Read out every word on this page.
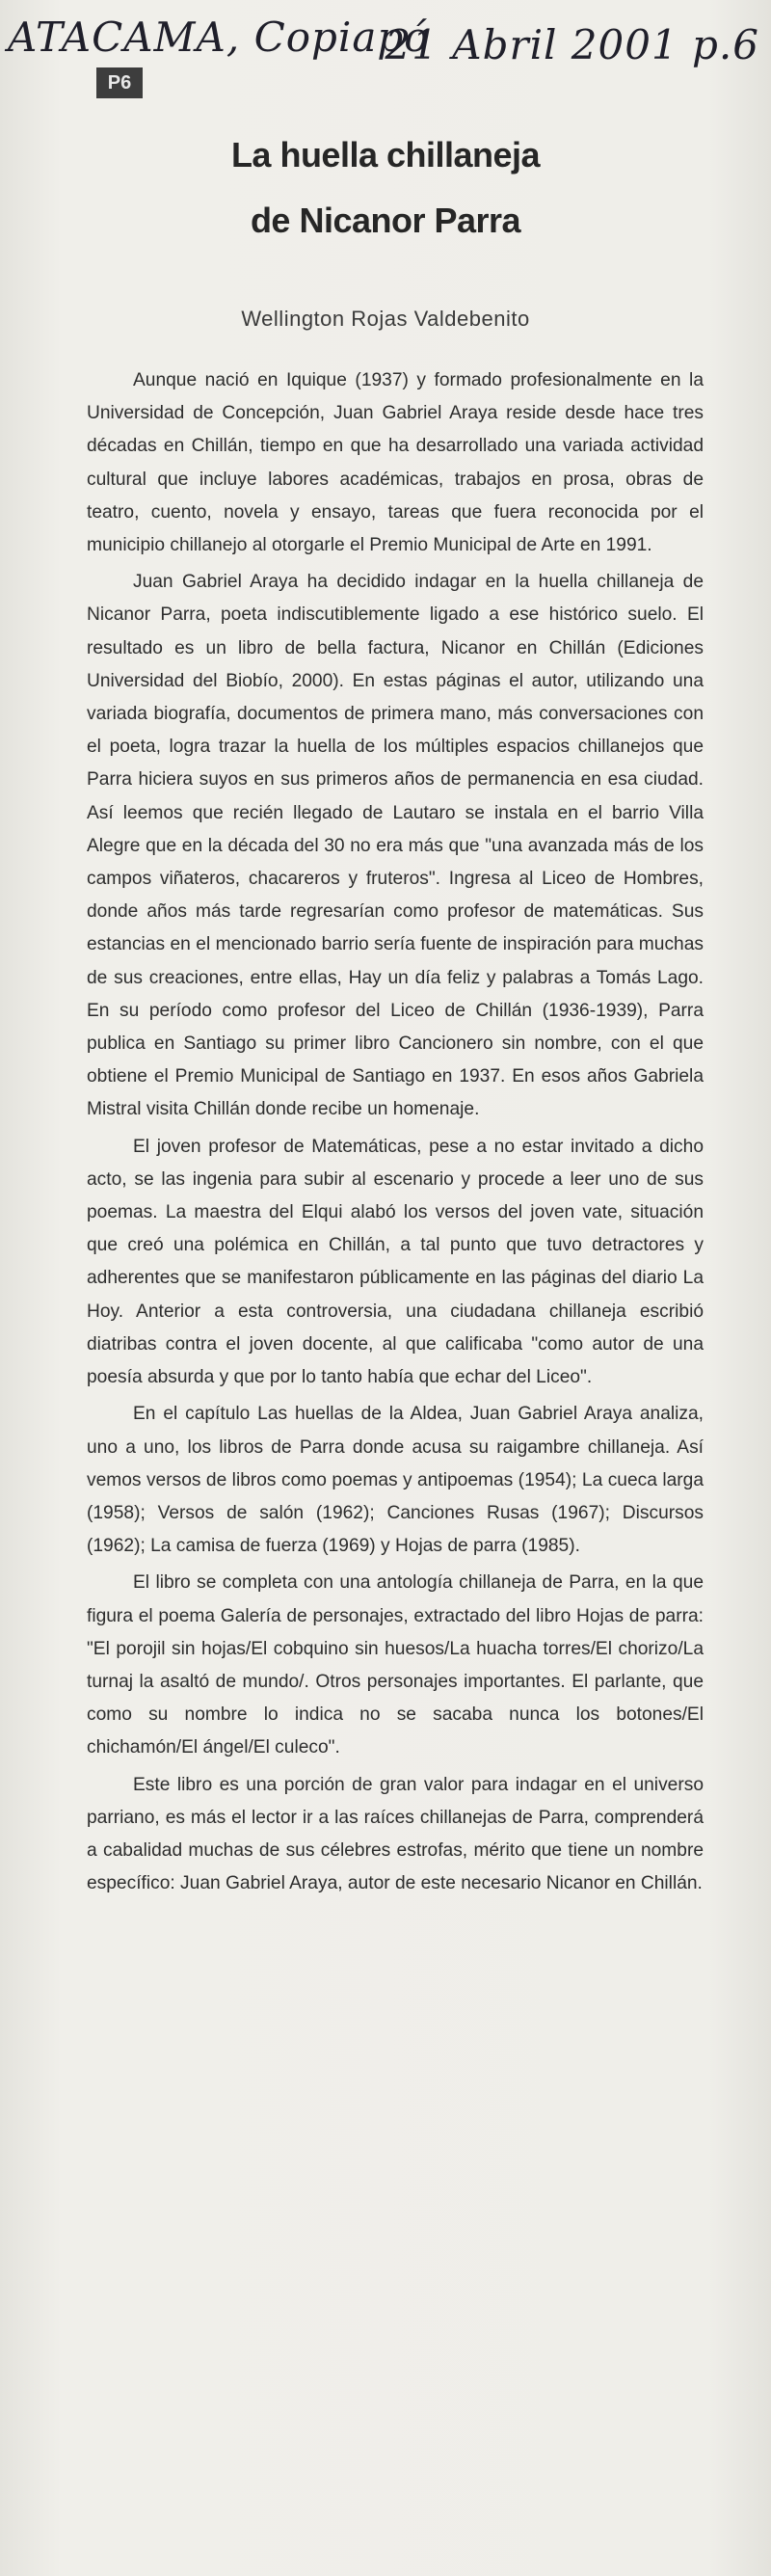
ATACAMA, Copiapó
21 Abril 2001 p.6
P6
La huella chillaneja
de Nicanor Parra
Wellington Rojas Valdebenito

Aunque nació en Iquique (1937) y formado profesionalmente en la Universidad de Concepción, Juan Gabriel Araya reside desde hace tres décadas en Chillán, tiempo en que ha desarrollado una variada actividad cultural que incluye labores académicas, trabajos en prosa, obras de teatro, cuento, novela y ensayo, tareas que fuera reconocida por el municipio chillanejo al otorgarle el Premio Municipal de Arte en 1991.

Juan Gabriel Araya ha decidido indagar en la huella chillaneja de Nicanor Parra, poeta indiscutiblemente ligado a ese histórico suelo. El resultado es un libro de bella factura, Nicanor en Chillán (Ediciones Universidad del Biobío, 2000). En estas páginas el autor, utilizando una variada biografía, documentos de primera mano, más conversaciones con el poeta, logra trazar la huella de los múltiples espacios chillanejos que Parra hiciera suyos en sus primeros años de permanencia en esa ciudad. Así leemos que recién llegado de Lautaro se instala en el barrio Villa Alegre que en la década del 30 no era más que "una avanzada más de los campos viñateros, chacareros y fruteros". Ingresa al Liceo de Hombres, donde años más tarde regresarían como profesor de matemáticas. Sus estancias en el mencionado barrio sería fuente de inspiración para muchas de sus creaciones, entre ellas, Hay un día feliz y palabras a Tomás Lago. En su período como profesor del Liceo de Chillán (1936-1939), Parra publica en Santiago su primer libro Cancionero sin nombre, con el que obtiene el Premio Municipal de Santiago en 1937. En esos años Gabriela Mistral visita Chillán donde recibe un homenaje.

El joven profesor de Matemáticas, pese a no estar invitado a dicho acto, se las ingenia para subir al escenario y procede a leer uno de sus poemas. La maestra del Elqui alabó los versos del joven vate, situación que creó una polémica en Chillán, a tal punto que tuvo detractores y adherentes que se manifestaron públicamente en las páginas del diario La Hoy. Anterior a esta controversia, una ciudadana chillaneja escribió diatribas contra el joven docente, al que calificaba "como autor de una poesía absurda y que por lo tanto había que echar del Liceo".

En el capítulo Las huellas de la Aldea, Juan Gabriel Araya analiza, uno a uno, los libros de Parra donde acusa su raigambre chillaneja. Así vemos versos de libros como poemas y antipoemas (1954); La cueca larga (1958); Versos de salón (1962); Canciones Rusas (1967); Discursos (1962); La camisa de fuerza (1969) y Hojas de parra (1985).

El libro se completa con una antología chillaneja de Parra, en la que figura el poema Galería de personajes, extractado del libro Hojas de parra: "El porojil sin hojas/El cobquino sin huesos/La huacha torres/El chorizo/La turnaj la asaltó de mundo/. Otros personajes importantes. El parlante, que como su nombre lo indica no se sacaba nunca los botones/El chichamón/El ángel/El culeco".

Este libro es una porción de gran valor para indagar en el universo parriano, es más el lector ir a las raíces chillanejas de Parra, comprenderá a cabalidad muchas de sus célebres estrofas, mérito que tiene un nombre específico: Juan Gabriel Araya, autor de este necesario Nicanor en Chillán.
